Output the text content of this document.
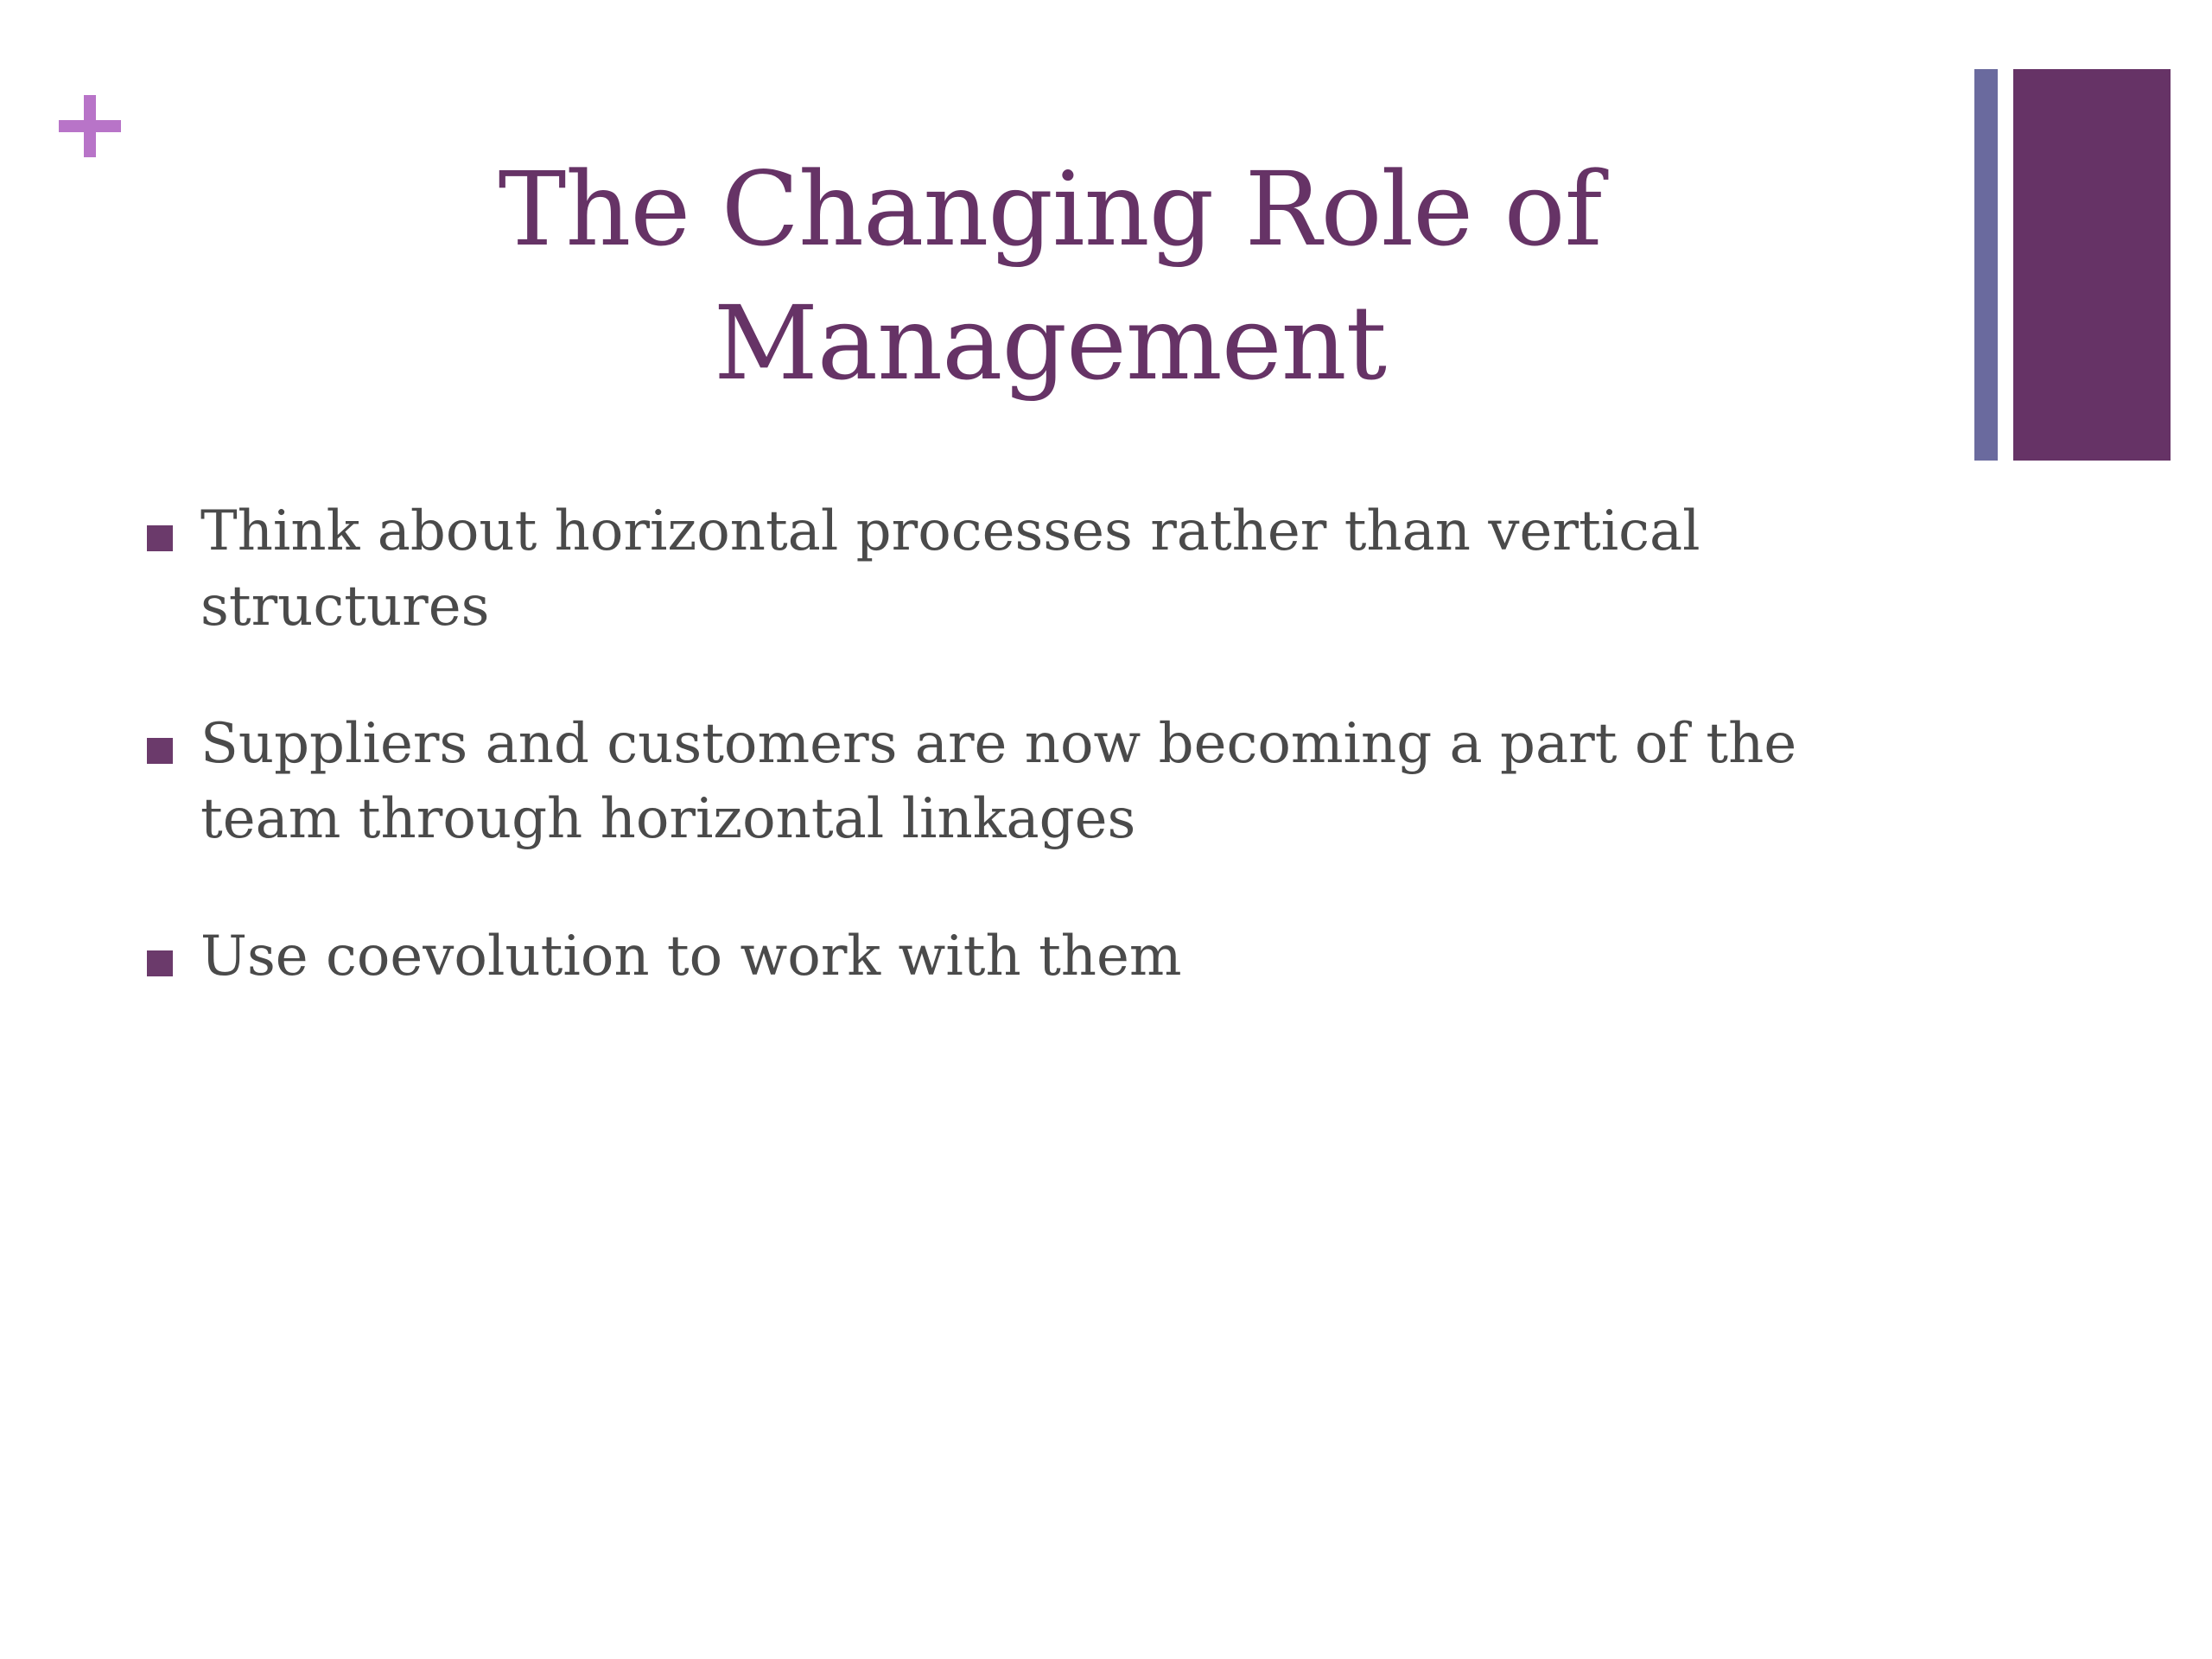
The Changing Role of
Management
Think about horizontal processes rather than vertical
structures
Suppliers and customers are now becoming a part of the
team through horizontal linkages
Use coevolution to work with them
